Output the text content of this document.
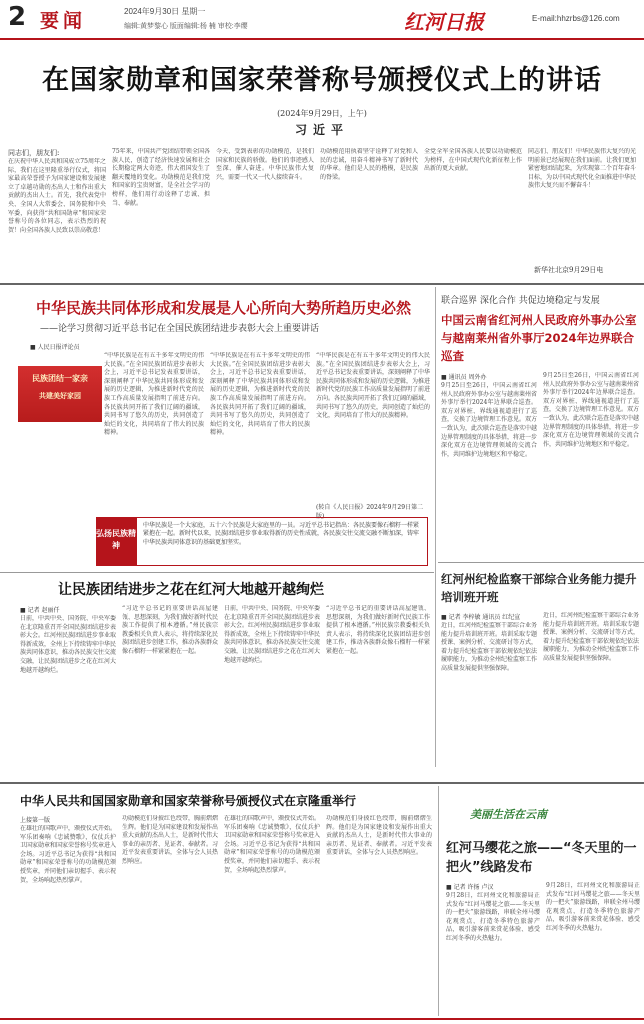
2 要闻	2024年9月30日 星期一
编辑:黄梦黎心 版面编辑:杨 楠 审校:李缨	红河日报	E-mail:hhzrbs@126.com
在国家勋章和国家荣誉称号颁授仪式上的讲话
(2024年9月29日，上午)
习近平
同志们，朋友们:
在庆祝中华人民共和国成立75周年之际，我们在这里隆重举行仪式，将国家最高荣誉授予为国家建设和发展建立了卓越功勋的杰出人士和作出重大贡献的杰出人士。首先，我代表党中央、全国人大常委会、国务院和中央军委，向获得“共和国勋章”和国家荣誉称号的各位同志，表示热烈的祝贺！向全国各族人民致以崇高敬意！
75年来，中国共产党团结带领全国各族人民，创造了经济快速发展和社会长期稳定两大奇迹，伟大祖国发生了翻天覆地的变化。功勋模范是我们党和国家的宝贵财富，是全社会学习的榜样，他们用行动诠释了忠诚、担当、奉献。
今天，受到表彰的功勋模范，是我们国家和民族的骄傲。他们的事迹感人至深、催人奋进。中华民族伟大复兴，需要一代又一代人接续奋斗。
功勋模范用执着坚守诠释了对党和人民的忠诚，用奋斗精神书写了新时代的华章。他们是人民的楷模，是民族的脊梁。
全党全军全国各族人民要以功勋模范为榜样，在中国式现代化新征程上作出新的更大贡献。
同志们、朋友们！中华民族伟大复兴的光明前景已经展现在我们面前。让我们更加紧密地团结起来，为实现第二个百年奋斗目标，为以中国式现代化全面推进中华民族伟大复兴而不懈奋斗！
新华社北京9月29日电
中华民族共同体形成和发展是人心所向大势所趋历史必然
——论学习贯彻习近平总书记在全国民族团结进步表彰大会上重要讲话
■ 人民日报评论员
民族团结一家亲
共建美好家园
“中华民族是在有五千多年文明史的伟大民族。”在全国民族团结进步表彰大会上，习近平总书记发表重要讲话，深刻阐释了中华民族共同体形成和发展的历史逻辑，为推进新时代党的民族工作高质量发展指明了前进方向。各民族共同开拓了我们辽阔的疆域，共同书写了悠久的历史，共同创造了灿烂的文化，共同培育了伟大的民族精神。
“中华民族是在有五千多年文明史的伟大民族。”在全国民族团结进步表彰大会上，习近平总书记发表重要讲话，深刻阐释了中华民族共同体形成和发展的历史逻辑，为推进新时代党的民族工作高质量发展指明了前进方向。各民族共同开拓了我们辽阔的疆域，共同书写了悠久的历史，共同创造了灿烂的文化，共同培育了伟大的民族精神。
“中华民族是在有五千多年文明史的伟大民族。”在全国民族团结进步表彰大会上，习近平总书记发表重要讲话，深刻阐释了中华民族共同体形成和发展的历史逻辑，为推进新时代党的民族工作高质量发展指明了前进方向。各民族共同开拓了我们辽阔的疆域，共同书写了悠久的历史，共同创造了灿烂的文化，共同培育了伟大的民族精神。
(转自《人民日报》2024年9月29日第二版)
弘扬民族精神
中华民族是一个大家庭，五十六个民族是大家庭里的一员。习近平总书记指出：各民族要像石榴籽一样紧紧抱在一起。新时代以来，民族团结进步事业取得新的历史性成就，各民族交往交流交融不断加深，铸牢中华民族共同体意识的基础更加坚实。
让民族团结进步之花在红河大地越开越绚烂
■ 记者 赵丽仟
日前，中共中央、国务院、中央军委在北京隆重召开全国民族团结进步表彰大会。红河州民族团结进步事业取得新成效，全州上下持续铸牢中华民族共同体意识，推动各民族交往交流交融，让民族团结进步之花在红河大地越开越绚烂。
“习近平总书记的重要讲话高屋建瓴、思想深刻，为我们做好新时代民族工作提供了根本遵循。”州民族宗教委相关负责人表示，将持续深化民族团结进步创建工作，推动各族群众像石榴籽一样紧紧抱在一起。
日前，中共中央、国务院、中央军委在北京隆重召开全国民族团结进步表彰大会。红河州民族团结进步事业取得新成效，全州上下持续铸牢中华民族共同体意识，推动各民族交往交流交融，让民族团结进步之花在红河大地越开越绚烂。
“习近平总书记的重要讲话高屋建瓴、思想深刻，为我们做好新时代民族工作提供了根本遵循。”州民族宗教委相关负责人表示，将持续深化民族团结进步创建工作，推动各族群众像石榴籽一样紧紧抱在一起。
联合巡界 深化合作 共促边境稳定与发展
中国云南省红河州人民政府外事办公室与越南莱州省外事厅2024年边界联合巡查
■ 通讯员 周外办
9月25日至26日，中国云南省红河州人民政府外事办公室与越南莱州省外事厅举行2024年边界联合巡查。双方对界桩、界线通视道进行了巡查，交换了边境管理工作意见。双方一致认为，此次联合巡查是落实中越边界管理制度的具体举措，将进一步深化双方在边境管理领域的交流合作，共同维护边境地区和平稳定。
9月25日至26日，中国云南省红河州人民政府外事办公室与越南莱州省外事厅举行2024年边界联合巡查。双方对界桩、界线通视道进行了巡查，交换了边境管理工作意见。双方一致认为，此次联合巡查是落实中越边界管理制度的具体举措，将进一步深化双方在边境管理领域的交流合作，共同维护边境地区和平稳定。
红河州纪检监察干部综合业务能力提升培训班开班
■ 记者 李梓敏 通讯员 红纪宣
近日，红河州纪检监察干部综合业务能力提升培训班开班。培训采取专题授课、案例分析、交流研讨等方式，着力提升纪检监察干部依规依纪依法履职能力，为推动全州纪检监察工作高质量发展提供坚强保障。
近日，红河州纪检监察干部综合业务能力提升培训班开班。培训采取专题授课、案例分析、交流研讨等方式，着力提升纪检监察干部依规依纪依法履职能力，为推动全州纪检监察工作高质量发展提供坚强保障。
中华人民共和国国家勋章和国家荣誉称号颁授仪式在京隆重举行
上接第一版
在雄壮的国歌声中，颁授仪式开始。军乐团奏响《忠诚赞歌》，仪仗兵护卫国家勋章和国家荣誉称号奖章进入会场。习近平总书记为获得“共和国勋章”和国家荣誉称号的功勋模范颁授奖章，并同他们亲切握手、表示祝贺，全场响起热烈掌声。
功勋模范们身披红色绶带，胸前熠熠生辉。他们是为国家建设和发展作出重大贡献的杰出人士，是新时代伟大事业的亲历者、见证者、奉献者。习近平发表重要讲话，全体与会人员热烈响应。
在雄壮的国歌声中，颁授仪式开始。军乐团奏响《忠诚赞歌》，仪仗兵护卫国家勋章和国家荣誉称号奖章进入会场。习近平总书记为获得“共和国勋章”和国家荣誉称号的功勋模范颁授奖章，并同他们亲切握手、表示祝贺，全场响起热烈掌声。
功勋模范们身披红色绶带，胸前熠熠生辉。他们是为国家建设和发展作出重大贡献的杰出人士，是新时代伟大事业的亲历者、见证者、奉献者。习近平发表重要讲话，全体与会人员热烈响应。
美丽生活在云南
红河马缨花之旅——“冬天里的一把火”线路发布
■ 记者 许扬 卢汉
9月28日，红河州文化和旅游局正式发布“红河马缨花之旅——冬天里的一把火”旅游线路，串联全州马缨花观赏点，打造冬季特色旅游产品，吸引游客前来赏花体验、感受红河冬季的火热魅力。
9月28日，红河州文化和旅游局正式发布“红河马缨花之旅——冬天里的一把火”旅游线路，串联全州马缨花观赏点，打造冬季特色旅游产品，吸引游客前来赏花体验、感受红河冬季的火热魅力。
